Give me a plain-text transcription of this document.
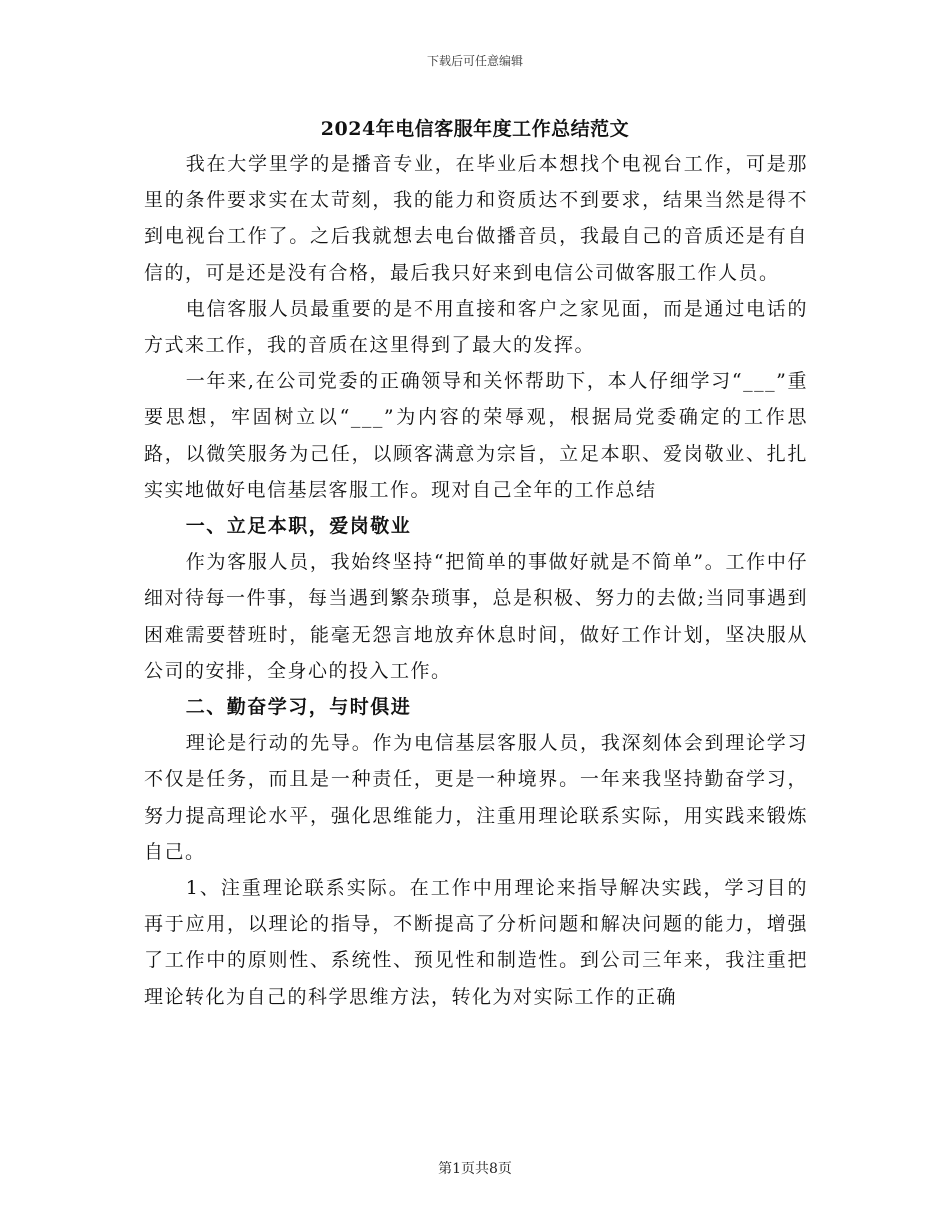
下载后可任意编辑
2024年电信客服年度工作总结范文

我在大学里学的是播音专业，在毕业后本想找个电视台工作，可是那里的条件要求实在太苛刻，我的能力和资质达不到要求，结果当然是得不到电视台工作了。之后我就想去电台做播音员，我最自己的音质还是有自信的，可是还是没有合格，最后我只好来到电信公司做客服工作人员。

电信客服人员最重要的是不用直接和客户之家见面，而是通过电话的方式来工作，我的音质在这里得到了最大的发挥。

一年来,在公司党委的正确领导和关怀帮助下，本人仔细学习“___”重要思想，牢固树立以“___”为内容的荣辱观，根据局党委确定的工作思路，以微笑服务为己任，以顾客满意为宗旨，立足本职、爱岗敬业、扎扎实实地做好电信基层客服工作。现对自己全年的工作总结

一、立足本职，爱岗敬业

作为客服人员，我始终坚持“把简单的事做好就是不简单”。工作中仔细对待每一件事，每当遇到繁杂琐事，总是积极、努力的去做;当同事遇到困难需要替班时，能毫无怨言地放弃休息时间，做好工作计划，坚决服从公司的安排，全身心的投入工作。

二、勤奋学习，与时俱进

理论是行动的先导。作为电信基层客服人员，我深刻体会到理论学习不仅是任务，而且是一种责任，更是一种境界。一年来我坚持勤奋学习，努力提高理论水平，强化思维能力，注重用理论联系实际，用实践来锻炼自己。

1、注重理论联系实际。在工作中用理论来指导解决实践，学习目的再于应用，以理论的指导，不断提高了分析问题和解决问题的能力，增强了工作中的原则性、系统性、预见性和制造性。到公司三年来，我注重把理论转化为自己的科学思维方法，转化为对实际工作的正确

第1页共8页
